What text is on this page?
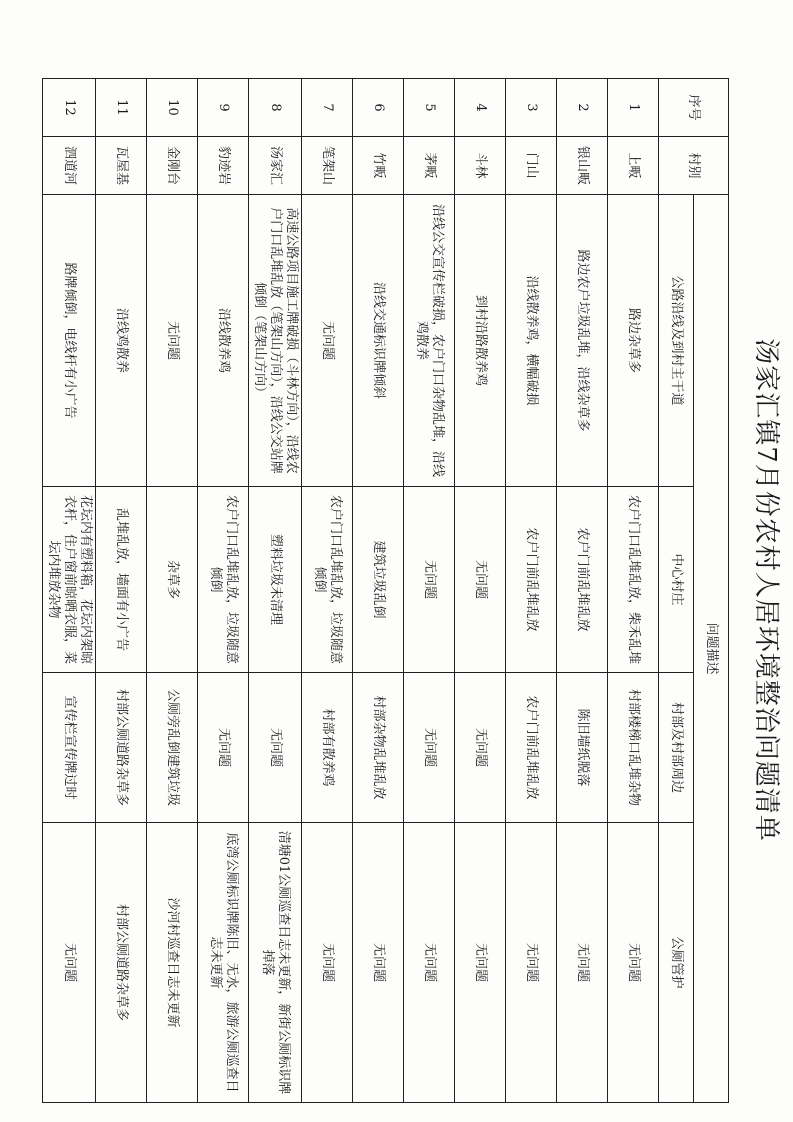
汤家汇镇7月份农村人居环境整治问题清单
序号	村别	问题描述			
		公路沿线及到村主干道	中心村庄	村部及村部周边	公厕管护
1	上畈	路边杂草多	农户门口乱堆乱放，柴禾乱堆	村部楼梯口乱堆杂物	无问题
2	银山畈	路边农户垃圾乱堆，沿线杂草多	农户门前乱堆乱放	陈旧墙纸脱落	无问题
3	门山	沿线散养鸡，横幅破损	农户门前乱堆乱放	农户门前乱堆乱放	无问题
4	斗林	到村沿路散养鸡	无问题	无问题	无问题
5	茅畈	沿线公交宣传栏破损，农户门口杂物乱堆，沿线鸡散养	无问题	无问题	无问题
6	竹畈	沿线交通标识牌倾斜	建筑垃圾乱倒	村部杂物乱堆乱放	无问题
7	笔架山	无问题	农户门口乱堆乱放，垃圾随意倾倒	村部有散养鸡	无问题
8	汤家汇	高速公路项目施工牌破损（斗林方向），沿线农户门口乱堆乱放（笔架山方向），沿线公交站牌倾倒（笔架山方向）	塑料垃圾未清理	无问题	清塘01公厕巡查日志未更新，新街公厕标识牌掉落
9	豹迹岩	沿线散养鸡	农户门口乱堆乱放，垃圾随意倾倒	无问题	底湾公厕标识牌陈旧、无水，旅游公厕巡查日志未更新
10	金刚台	无问题	杂草多	公厕旁乱倒建筑垃圾	沙河村巡查日志未更新
11	瓦屋基	沿线鸡散养	乱堆乱放，墙面有小广告	村部公厕道路杂草多	村部公厕道路杂草多
12	泗道河	路牌倾倒，电线杆有小广告	花坛内有塑料箱，花坛内架晾衣杆，住户窗前晾晒衣服，菜坛内堆放杂物	宣传栏宣传牌过时	无问题
